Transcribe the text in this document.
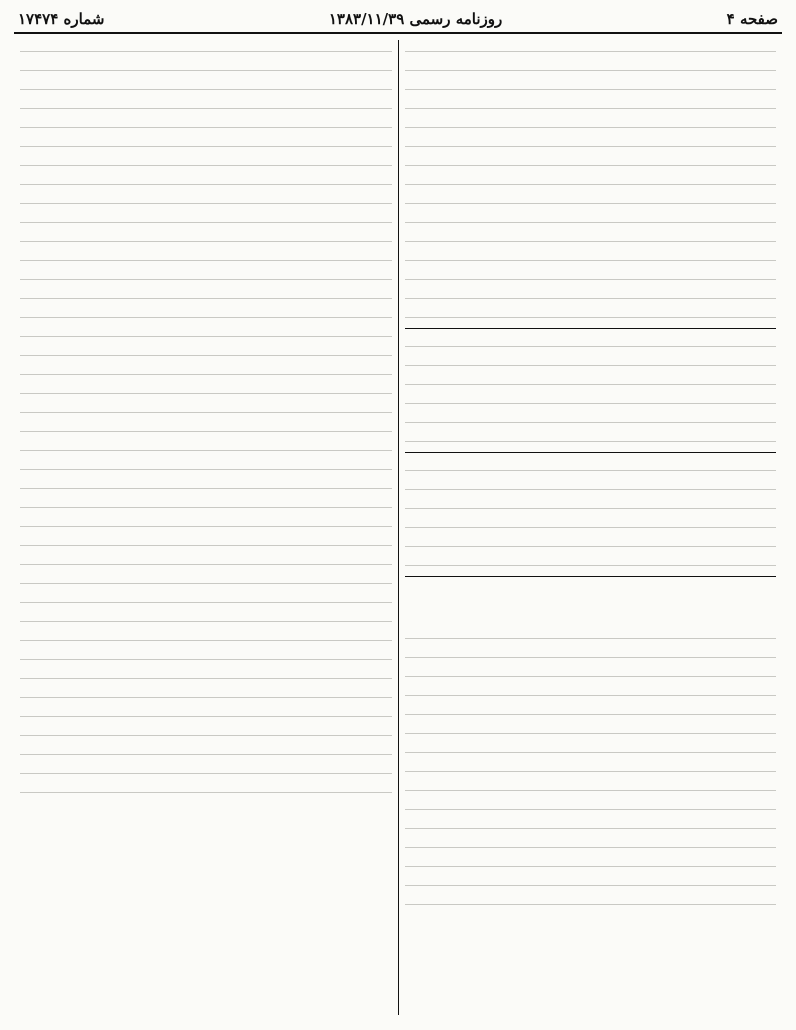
صفحه ۴
روزنامه رسمی ۱۳۸۳/۱۱/۳۹
شماره ۱۷۴۷۴
